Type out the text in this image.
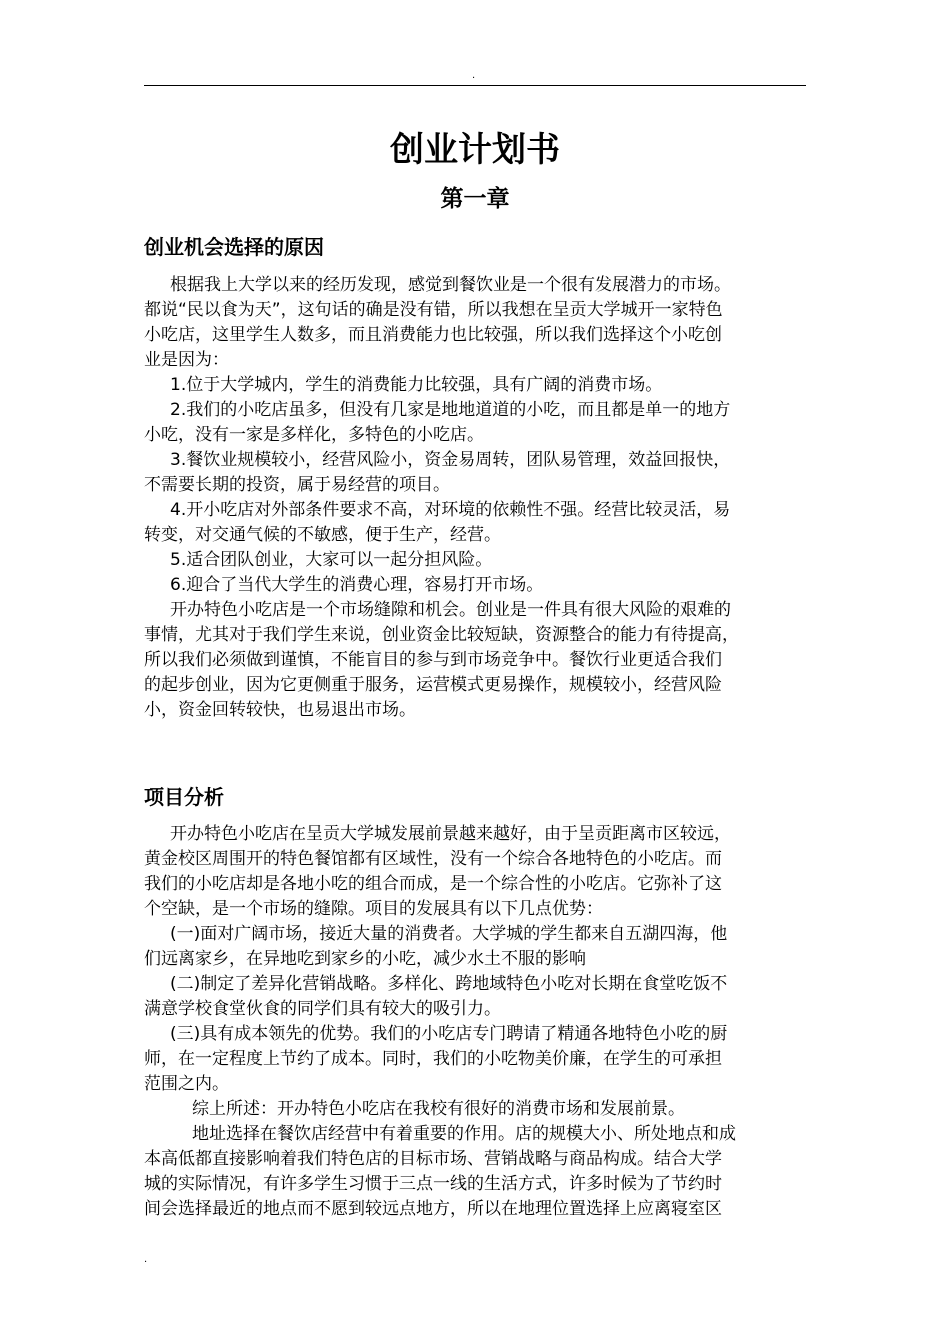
.
创业计划书
第一章
创业机会选择的原因
根据我上大学以来的经历发现，感觉到餐饮业是一个很有发展潜力的市场。
都说“民以食为天”，这句话的确是没有错，所以我想在呈贡大学城开一家特色
小吃店，这里学生人数多，而且消费能力也比较强，所以我们选择这个小吃创
业是因为：
1.位于大学城内，学生的消费能力比较强，具有广阔的消费市场。
2.我们的小吃店虽多，但没有几家是地地道道的小吃，而且都是单一的地方
小吃，没有一家是多样化，多特色的小吃店。
3.餐饮业规模较小，经营风险小，资金易周转，团队易管理，效益回报快，
不需要长期的投资，属于易经营的项目。
4.开小吃店对外部条件要求不高，对环境的依赖性不强。经营比较灵活，易
转变，对交通气候的不敏感，便于生产，经营。
5.适合团队创业，大家可以一起分担风险。
6.迎合了当代大学生的消费心理，容易打开市场。
开办特色小吃店是一个市场缝隙和机会。创业是一件具有很大风险的艰难的
事情，尤其对于我们学生来说，创业资金比较短缺，资源整合的能力有待提高，
所以我们必须做到谨慎，不能盲目的参与到市场竞争中。餐饮行业更适合我们
的起步创业，因为它更侧重于服务，运营模式更易操作，规模较小，经营风险
小，资金回转较快，也易退出市场。
项目分析
开办特色小吃店在呈贡大学城发展前景越来越好，由于呈贡距离市区较远，
黄金校区周围开的特色餐馆都有区域性，没有一个综合各地特色的小吃店。而
我们的小吃店却是各地小吃的组合而成，是一个综合性的小吃店。它弥补了这
个空缺，是一个市场的缝隙。项目的发展具有以下几点优势：
(一)面对广阔市场，接近大量的消费者。大学城的学生都来自五湖四海，他
们远离家乡，在异地吃到家乡的小吃，减少水土不服的影响
(二)制定了差异化营销战略。多样化、跨地域特色小吃对长期在食堂吃饭不
满意学校食堂伙食的同学们具有较大的吸引力。
(三)具有成本领先的优势。我们的小吃店专门聘请了精通各地特色小吃的厨
师，在一定程度上节约了成本。同时，我们的小吃物美价廉，在学生的可承担
范围之内。
综上所述：开办特色小吃店在我校有很好的消费市场和发展前景。
地址选择在餐饮店经营中有着重要的作用。店的规模大小、所处地点和成
本高低都直接影响着我们特色店的目标市场、营销战略与商品构成。结合大学
城的实际情况，有许多学生习惯于三点一线的生活方式，许多时候为了节约时
间会选择最近的地点而不愿到较远点地方，所以在地理位置选择上应离寝室区
.
